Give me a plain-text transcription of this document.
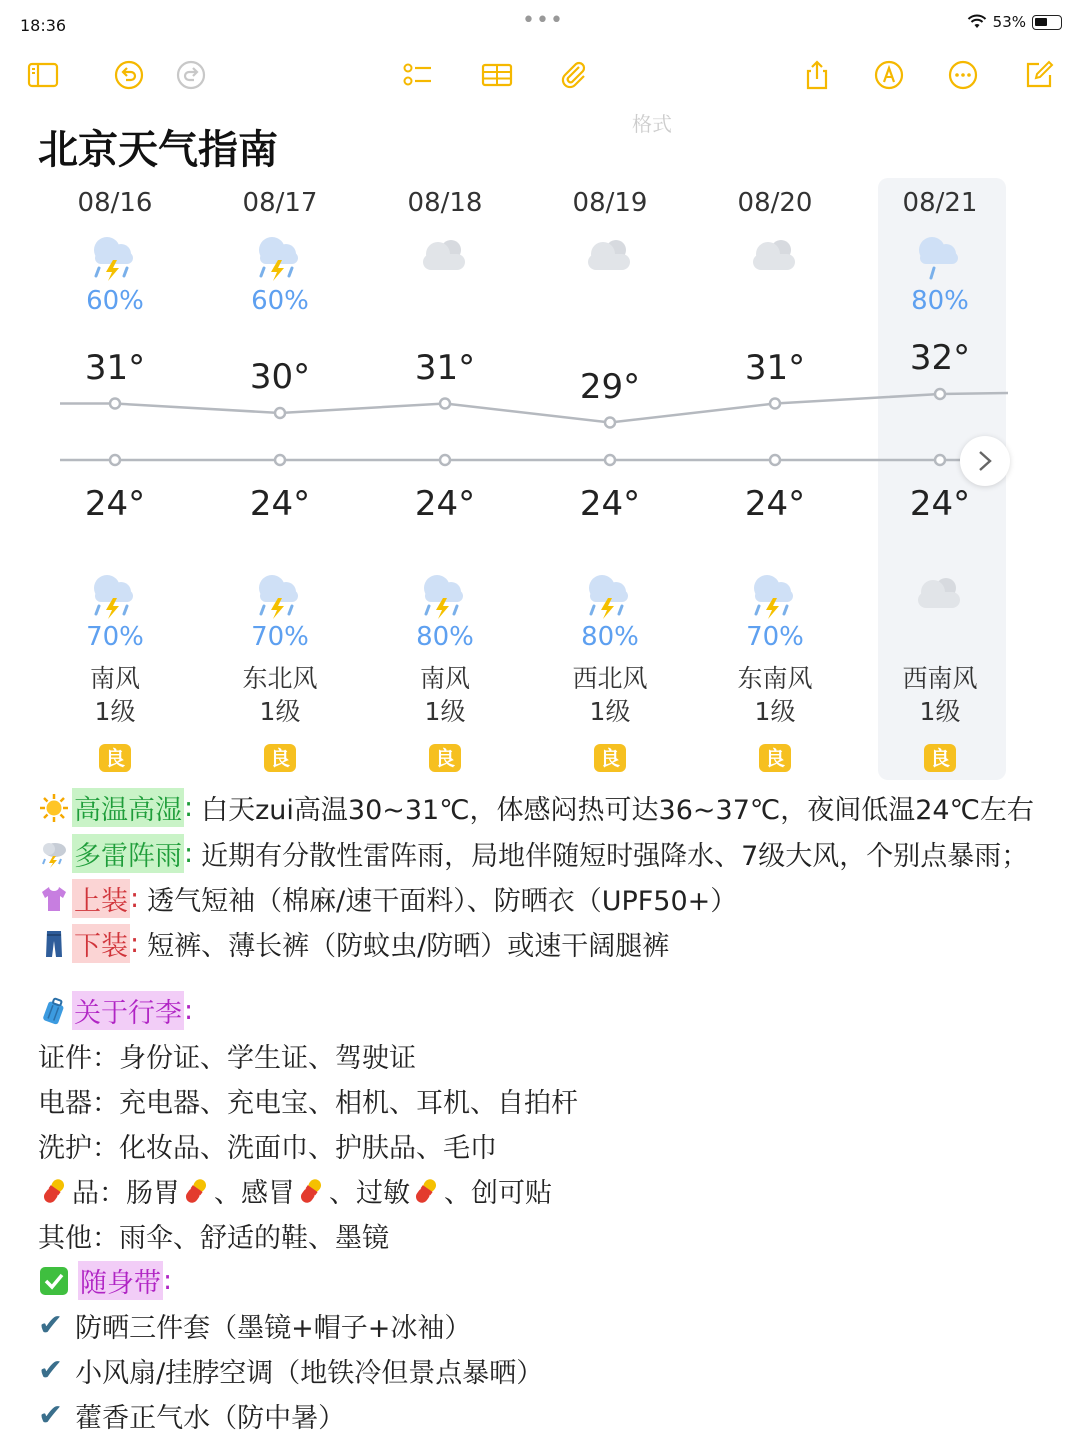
18:36	•••	53%
格式
北京天气指南
08/16
60%
31°
24°
70%
南风
1级
良
08/17
60%
30°
24°
70%
东北风
1级
良
08/18
31°
24°
80%
南风
1级
良
08/19
29°
24°
80%
西北风
1级
良
08/20
31°
24°
70%
东南风
1级
良
08/21
80%
32°
24°
西南风
1级
良
高温高湿 : 白天zui高温30~31℃，体感闷热可达36~37℃，夜间低温24℃左右
多雷阵雨 : 近期有分散性雷阵雨，局地伴随短时强降水、7级大风，个别点暴雨；
上装 : 透气短袖（棉麻/速干面料）、防晒衣（UPF50+）
下装 : 短裤、薄长裤（防蚊虫/防晒）或速干阔腿裤
关于行李 :
证件：身份证、学生证、驾驶证
电器：充电器、充电宝、相机、耳机、自拍杆
洗护：化妆品、洗面巾、护肤品、毛巾
品： 肠胃 、 感冒 、 过敏 、 创可贴
其他：雨伞、舒适的鞋、墨镜
随身带 :
✔ 防晒三件套（墨镜+帽子+冰袖）
✔ 小风扇/挂脖空调（地铁冷但景点暴晒）
✔ 藿香正气水（防中暑）
